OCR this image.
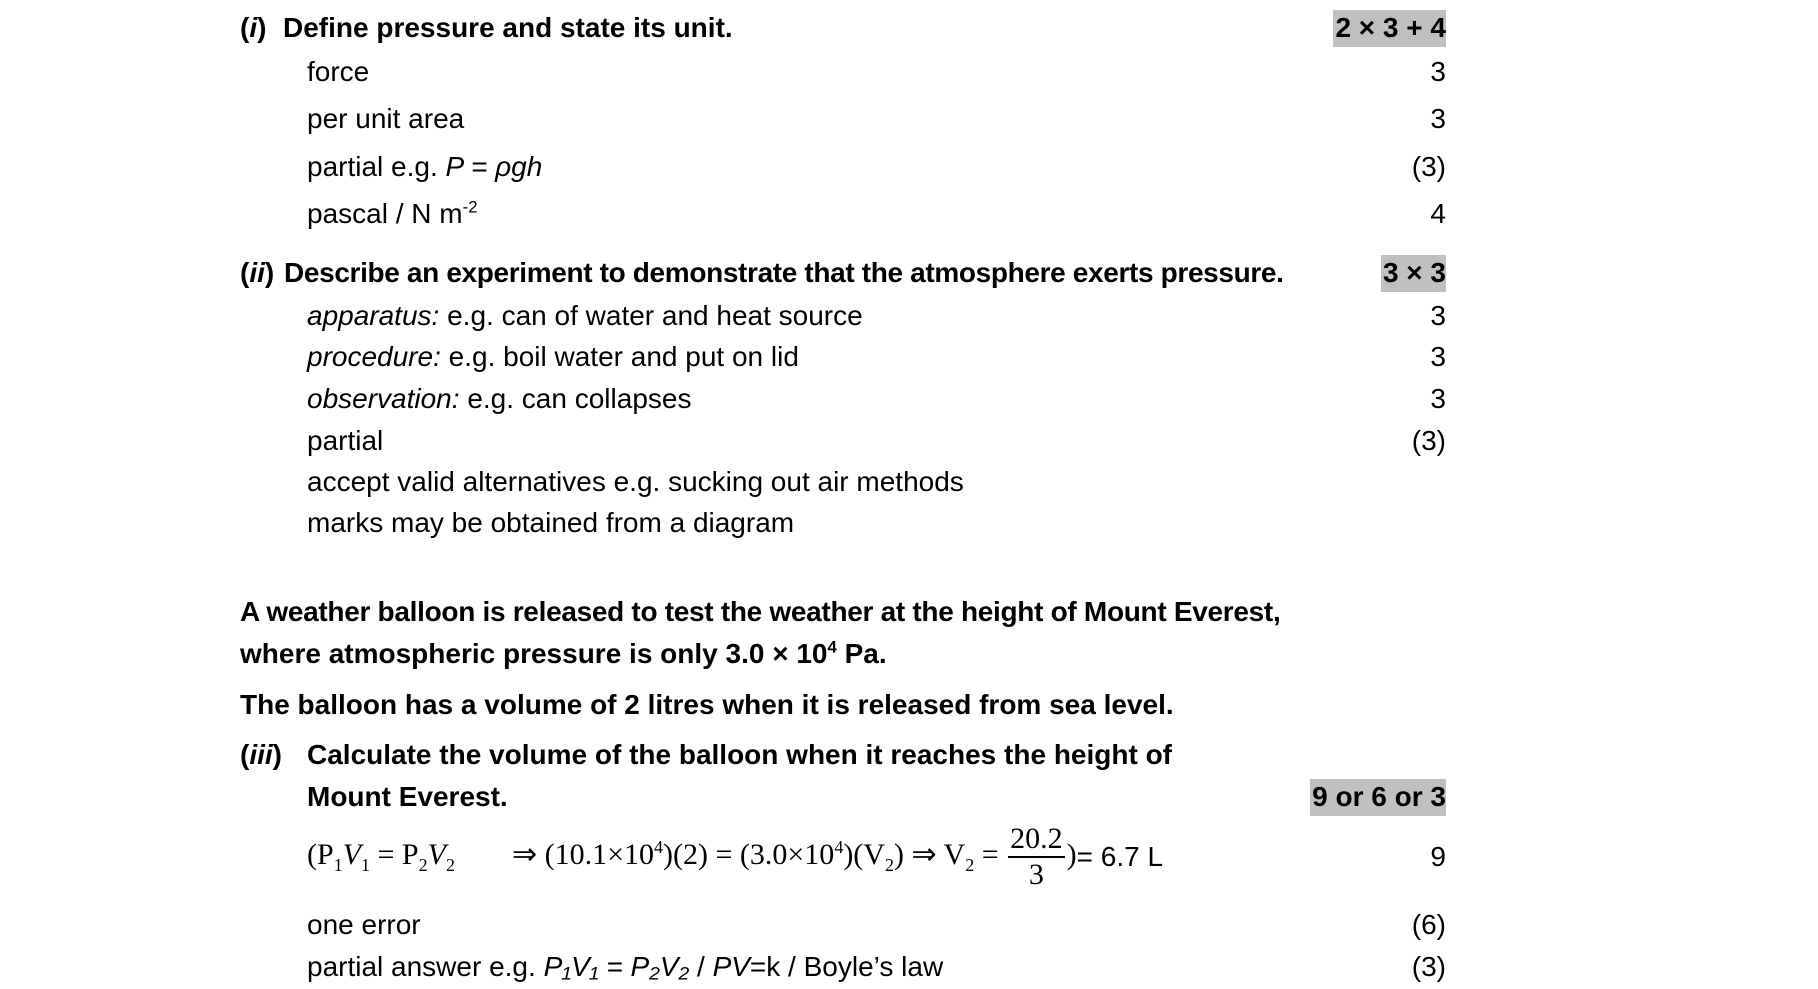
(i) Define pressure and state its unit.	2 × 3 + 4
force	3
per unit area	3
partial e.g. P = ρgh	(3)
pascal / N $m^{-2}$	4
(ii) Describe an experiment to demonstrate that the atmosphere exerts pressure.	3 × 3
apparatus: e.g. can of water and heat source	3
procedure: e.g. boil water and put on lid	3
observation: e.g. can collapses	3
partial	(3)
accept valid alternatives e.g. sucking out air methods
marks may be obtained from a diagram
A weather balloon is released to test the weather at the height of Mount Everest,
where atmospheric pressure is only $3.0 \times 10^4$ Pa.
The balloon has a volume of 2 litres when it is released from sea level.
(iii) Calculate the volume of the balloon when it reaches the height of
Mount Everest.	9 or 6 or 3
($P_1V_1 = P_2V_2$ ⇒ $(10.1\times 10^4)(2) = (3.0\times 10^4)(V_2)$ ⇒ $V_2 = \frac{20.2}{3}$ ) = 6.7 L	9
one error	(6)
partial answer e.g. P₁V₁ = P₂V₂ / PV=k / Boyle’s law	(3)
